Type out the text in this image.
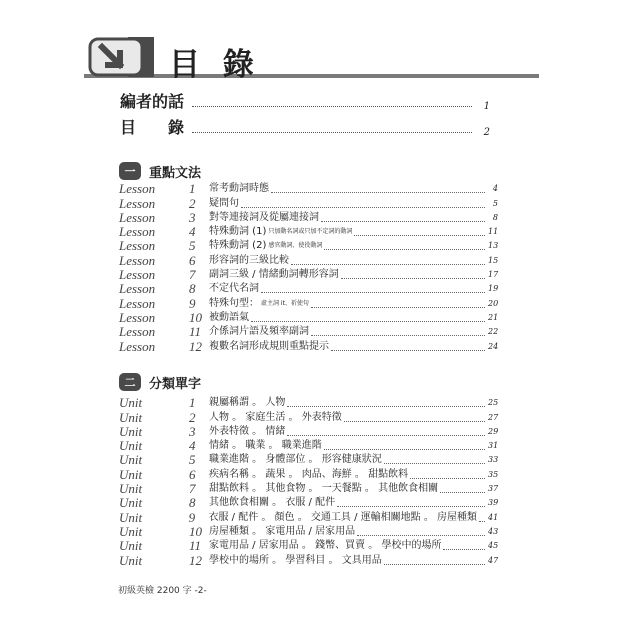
目 錄
編者的話	1
目　　錄	2
一	重點文法
Lesson	1	常考動詞時態	4
Lesson	2	疑問句	5
Lesson	3	對等連接詞及從屬連接詞	8
Lesson	4	特殊動詞 (1) 只加動名詞或只加不定詞的動詞	11
Lesson	5	特殊動詞 (2) 感官動詞、使役動詞	13
Lesson	6	形容詞的三級比較	15
Lesson	7	副詞三級 / 情緒動詞轉形容詞	17
Lesson	8	不定代名詞	19
Lesson	9	特殊句型： 虛主詞 it、祈使句	20
Lesson	10 被動語氣	21
Lesson	11 介係詞片語及頻率副詞	22
Lesson	12 複數名詞形成規則重點提示	24
二	分類單字
Unit	1	親屬稱謂 。 人物	25
Unit	2	人物 。 家庭生活 。 外表特徵	27
Unit	3	外表特徵 。 情緒	29
Unit	4	情緒 。 職業 。 職業進階	31
Unit	5	職業進階 。 身體部位 。 形容健康狀況	33
Unit	6	疾病名稱 。 蔬果 。 肉品、海鮮 。 甜點飲料	35
Unit	7	甜點飲料 。 其他食物 。 一天餐點 。 其他飲食相關	37
Unit	8	其他飲食相關 。 衣服 / 配件	39
Unit	9	衣服 / 配件 。 顏色 。 交通工具 / 運輸相關地點 。 房屋種類 41
Unit	10 房屋種類 。 家電用品 / 居家用品	43
Unit	11 家電用品 / 居家用品 。 錢幣、買賣 。 學校中的場所	45
Unit	12 學校中的場所 。 學習科目 。 文具用品	47
初級英檢 2200 字 -2-
